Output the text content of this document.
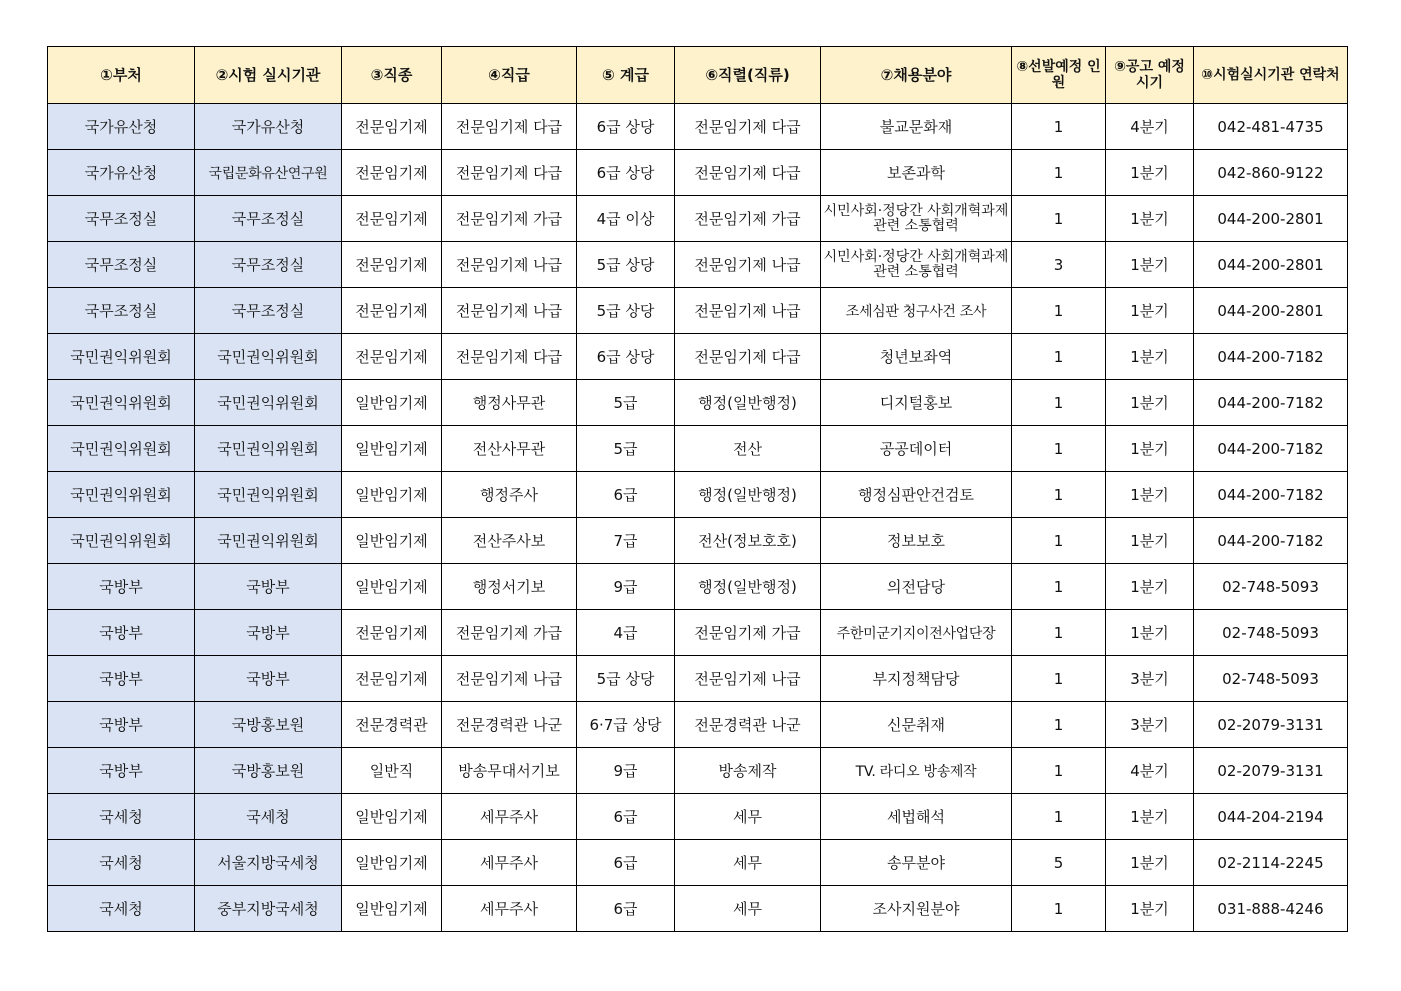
①부처	②시험 실시기관	③직종	④직급	⑤ 계급	⑥직렬(직류)	⑦채용분야	⑧선발예정 인원	⑨공고 예정시기	⑩시험실시기관 연락처
국가유산청	국가유산청	전문임기제	전문임기제 다급	6급 상당	전문임기제 다급	불교문화재	1	4분기	042-481-4735
국가유산청	국립문화유산연구원	전문임기제	전문임기제 다급	6급 상당	전문임기제 다급	보존과학	1	1분기	042-860-9122
국무조정실	국무조정실	전문임기제	전문임기제 가급	4급 이상	전문임기제 가급	시민사회·정당간 사회개혁과제 관련 소통협력	1	1분기	044-200-2801
국무조정실	국무조정실	전문임기제	전문임기제 나급	5급 상당	전문임기제 나급	시민사회·정당간 사회개혁과제 관련 소통협력	3	1분기	044-200-2801
국무조정실	국무조정실	전문임기제	전문임기제 나급	5급 상당	전문임기제 나급	조세심판 청구사건 조사	1	1분기	044-200-2801
국민권익위원회	국민권익위원회	전문임기제	전문임기제 다급	6급 상당	전문임기제 다급	청년보좌역	1	1분기	044-200-7182
국민권익위원회	국민권익위원회	일반임기제	행정사무관	5급	행정(일반행정)	디지털홍보	1	1분기	044-200-7182
국민권익위원회	국민권익위원회	일반임기제	전산사무관	5급	전산	공공데이터	1	1분기	044-200-7182
국민권익위원회	국민권익위원회	일반임기제	행정주사	6급	행정(일반행정)	행정심판안건검토	1	1분기	044-200-7182
국민권익위원회	국민권익위원회	일반임기제	전산주사보	7급	전산(정보호호)	정보보호	1	1분기	044-200-7182
국방부	국방부	일반임기제	행정서기보	9급	행정(일반행정)	의전담당	1	1분기	02-748-5093
국방부	국방부	전문임기제	전문임기제 가급	4급	전문임기제 가급	주한미군기지이전사업단장	1	1분기	02-748-5093
국방부	국방부	전문임기제	전문임기제 나급	5급 상당	전문임기제 나급	부지정책담당	1	3분기	02-748-5093
국방부	국방홍보원	전문경력관	전문경력관 나군	6·7급 상당	전문경력관 나군	신문취재	1	3분기	02-2079-3131
국방부	국방홍보원	일반직	방송무대서기보	9급	방송제작	TV. 라디오 방송제작	1	4분기	02-2079-3131
국세청	국세청	일반임기제	세무주사	6급	세무	세법해석	1	1분기	044-204-2194
국세청	서울지방국세청	일반임기제	세무주사	6급	세무	송무분야	5	1분기	02-2114-2245
국세청	중부지방국세청	일반임기제	세무주사	6급	세무	조사지원분야	1	1분기	031-888-4246
